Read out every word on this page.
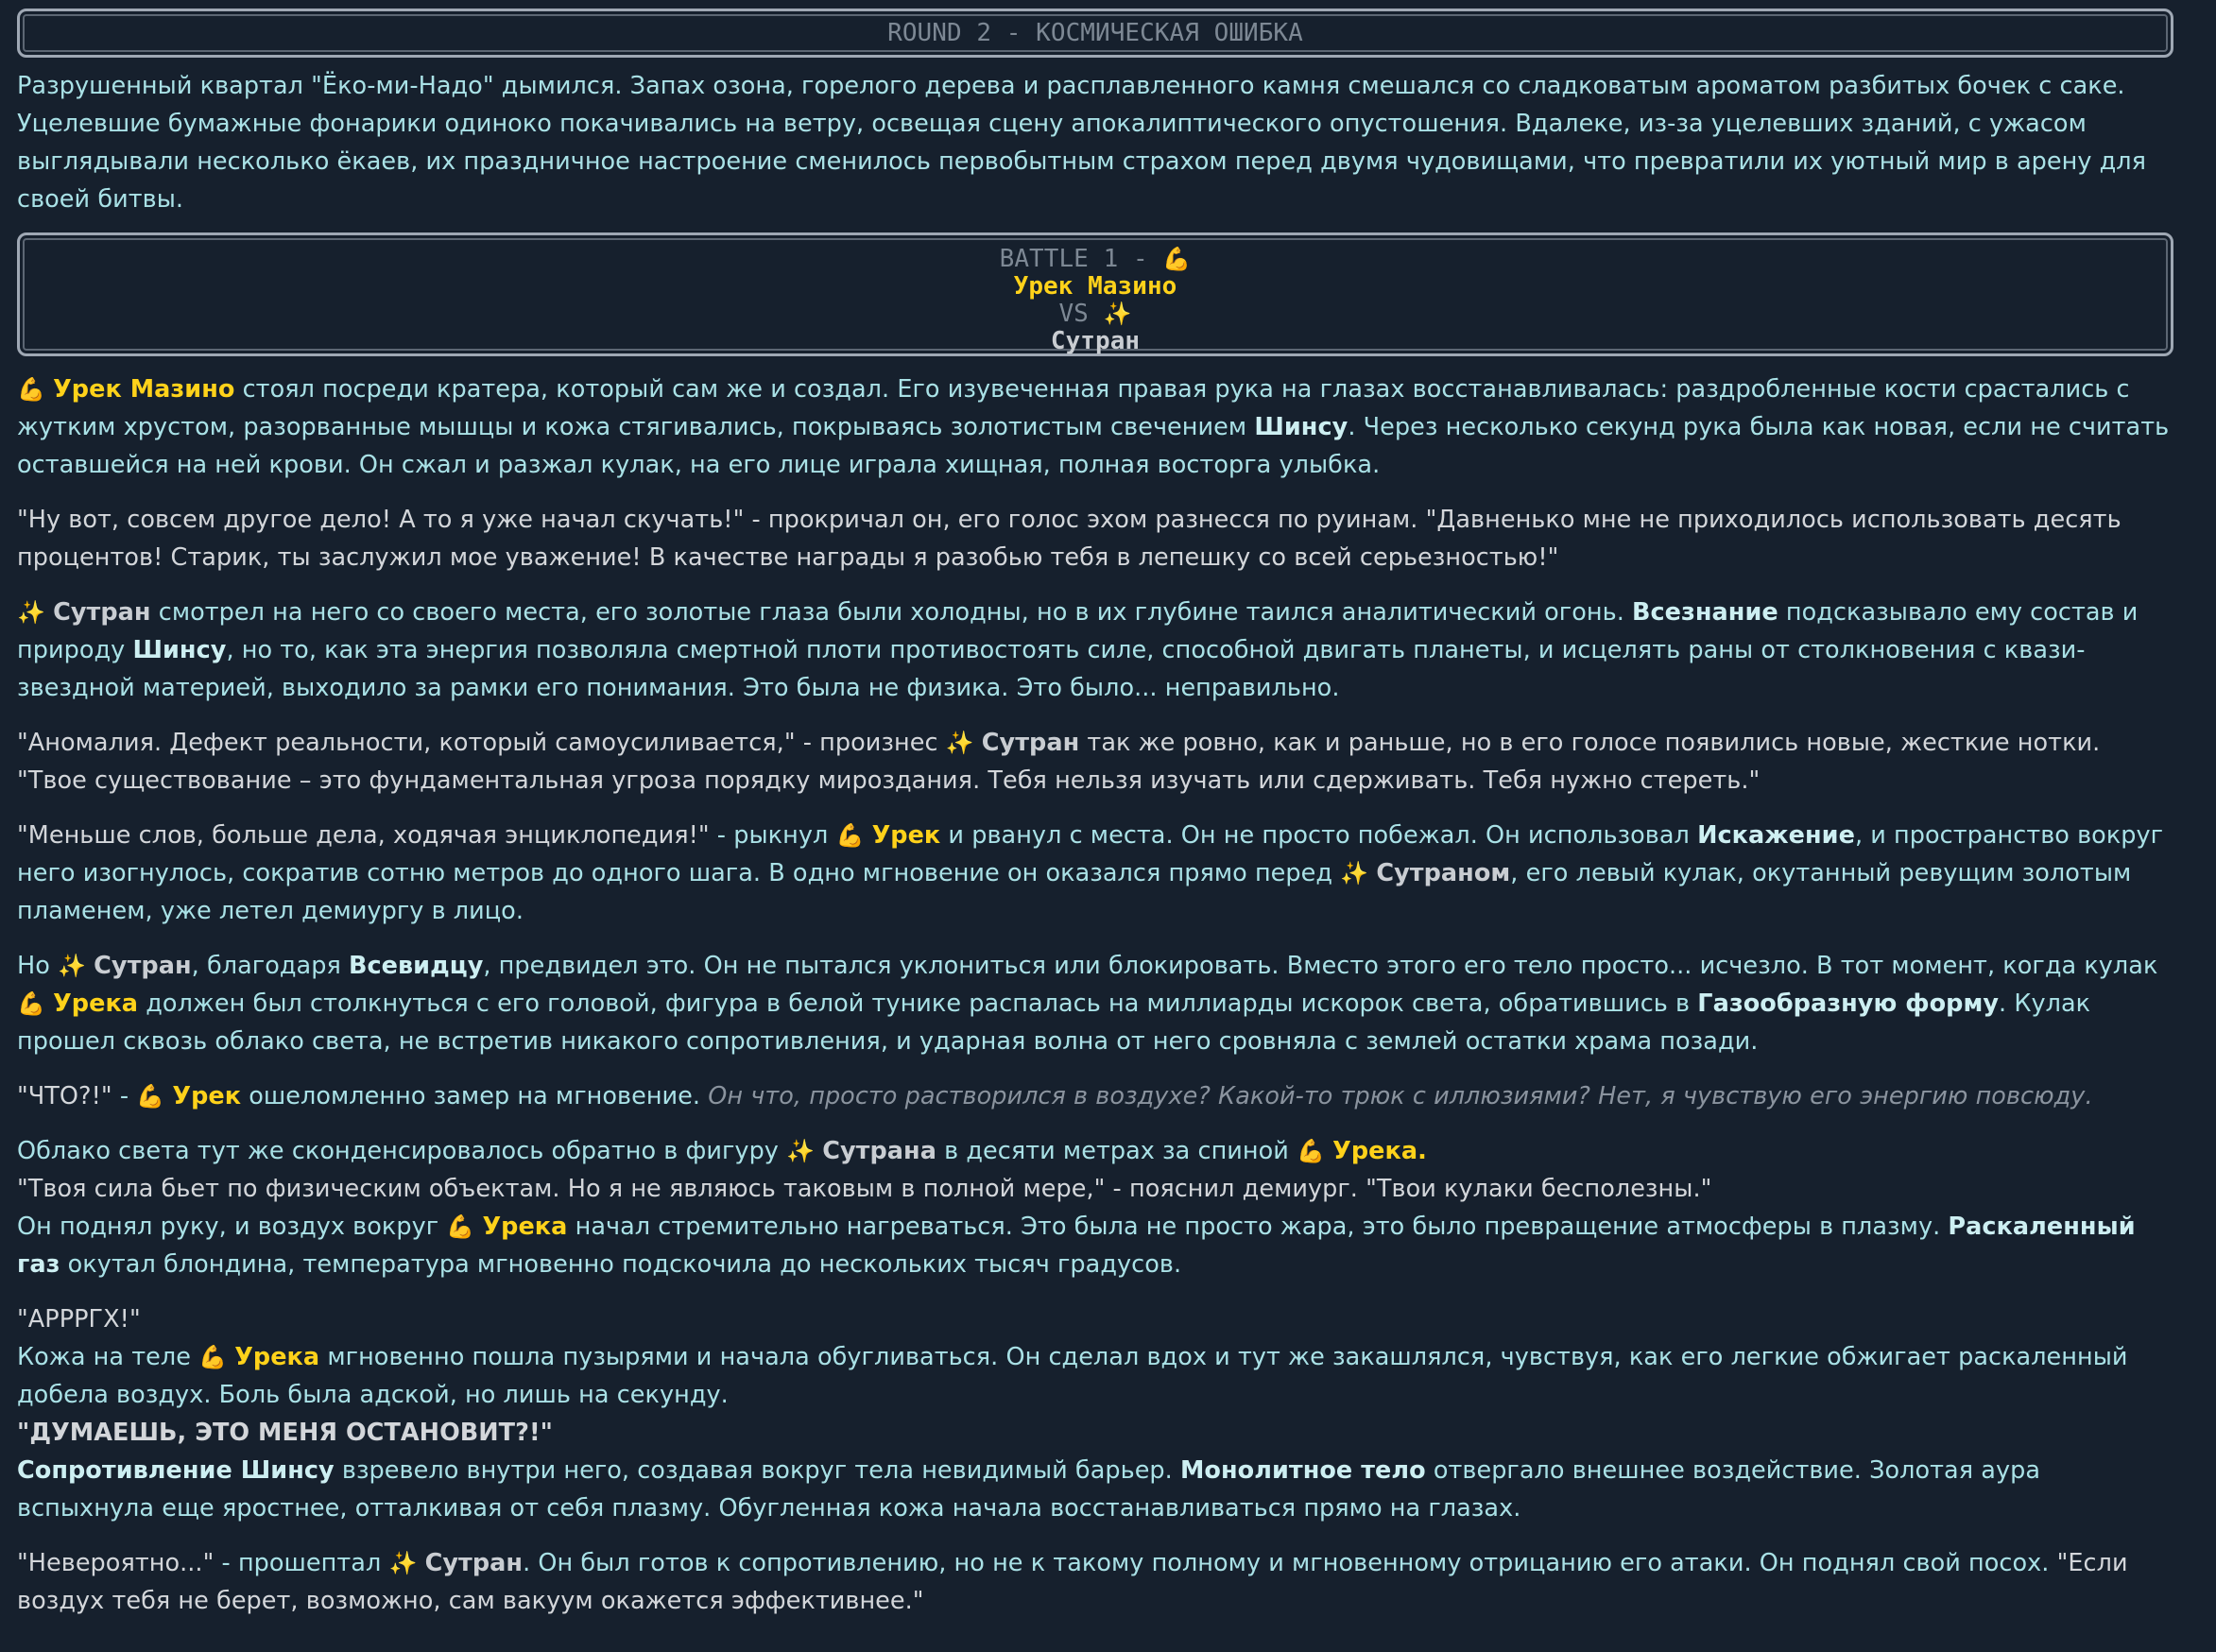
ROUND 2 - КОСМИЧЕСКАЯ ОШИБКА

Разрушенный квартал "Ёко-ми-Надо" дымился. Запах озона, горелого дерева и расплавленного камня смешался со сладковатым ароматом разбитых бочек с саке. Уцелевшие бумажные фонарики одиноко покачивались на ветру, освещая сцену апокалиптического опустошения. Вдалеке, из-за уцелевших зданий, с ужасом выглядывали несколько ёкаев, их праздничное настроение сменилось первобытным страхом перед двумя чудовищами, что превратили их уютный мир в арену для своей битвы.

BATTLE 1 - 💪
Урек Мазино
VS ✨
Сутран

💪 Урек Мазино стоял посреди кратера, который сам же и создал. Его изувеченная правая рука на глазах восстанавливалась: раздробленные кости срастались с жутким хрустом, разорванные мышцы и кожа стягивались, покрываясь золотистым свечением Шинсу. Через несколько секунд рука была как новая, если не считать оставшейся на ней крови. Он сжал и разжал кулак, на его лице играла хищная, полная восторга улыбка.

"Ну вот, совсем другое дело! А то я уже начал скучать!" - прокричал он, его голос эхом разнесся по руинам. "Давненько мне не приходилось использовать десять процентов! Старик, ты заслужил мое уважение! В качестве награды я разобью тебя в лепешку со всей серьезностью!"

✨ Сутран смотрел на него со своего места, его золотые глаза были холодны, но в их глубине таился аналитический огонь. Всезнание подсказывало ему состав и природу Шинсу, но то, как эта энергия позволяла смертной плоти противостоять силе, способной двигать планеты, и исцелять раны от столкновения с квази-звездной материей, выходило за рамки его понимания. Это была не физика. Это было... неправильно.

"Аномалия. Дефект реальности, который самоусиливается," - произнес ✨ Сутран так же ровно, как и раньше, но в его голосе появились новые, жесткие нотки. "Твое существование – это фундаментальная угроза порядку мироздания. Тебя нельзя изучать или сдерживать. Тебя нужно стереть."

"Меньше слов, больше дела, ходячая энциклопедия!" - рыкнул 💪 Урек и рванул с места. Он не просто побежал. Он использовал Искажение, и пространство вокруг него изогнулось, сократив сотню метров до одного шага. В одно мгновение он оказался прямо перед ✨ Сутраном, его левый кулак, окутанный ревущим золотым пламенем, уже летел демиургу в лицо.

Но ✨ Сутран, благодаря Всевидцу, предвидел это. Он не пытался уклониться или блокировать. Вместо этого его тело просто... исчезло. В тот момент, когда кулак 💪 Урека должен был столкнуться с его головой, фигура в белой тунике распалась на миллиарды искорок света, обратившись в Газообразную форму. Кулак прошел сквозь облако света, не встретив никакого сопротивления, и ударная волна от него сровняла с землей остатки храма позади.

"ЧТО?!" - 💪 Урек ошеломленно замер на мгновение. Он что, просто растворился в воздухе? Какой-то трюк с иллюзиями? Нет, я чувствую его энергию повсюду.

Облако света тут же сконденсировалось обратно в фигуру ✨ Сутрана в десяти метрах за спиной 💪 Урека.
"Твоя сила бьет по физическим объектам. Но я не являюсь таковым в полной мере," - пояснил демиург. "Твои кулаки бесполезны."
Он поднял руку, и воздух вокруг 💪 Урека начал стремительно нагреваться. Это была не просто жара, это было превращение атмосферы в плазму. Раскаленный газ окутал блондина, температура мгновенно подскочила до нескольких тысяч градусов.

"АРРРГХ!"
Кожа на теле 💪 Урека мгновенно пошла пузырями и начала обугливаться. Он сделал вдох и тут же закашлялся, чувствуя, как его легкие обжигает раскаленный добела воздух. Боль была адской, но лишь на секунду.
"ДУМАЕШЬ, ЭТО МЕНЯ ОСТАНОВИТ?!"
Сопротивление Шинсу взревело внутри него, создавая вокруг тела невидимый барьер. Монолитное тело отвергало внешнее воздействие. Золотая аура вспыхнула еще яростнее, отталкивая от себя плазму. Обугленная кожа начала восстанавливаться прямо на глазах.

"Невероятно..." - прошептал ✨ Сутран. Он был готов к сопротивлению, но не к такому полному и мгновенному отрицанию его атаки. Он поднял свой посох. "Если воздух тебя не берет, возможно, сам вакуум окажется эффективнее."
